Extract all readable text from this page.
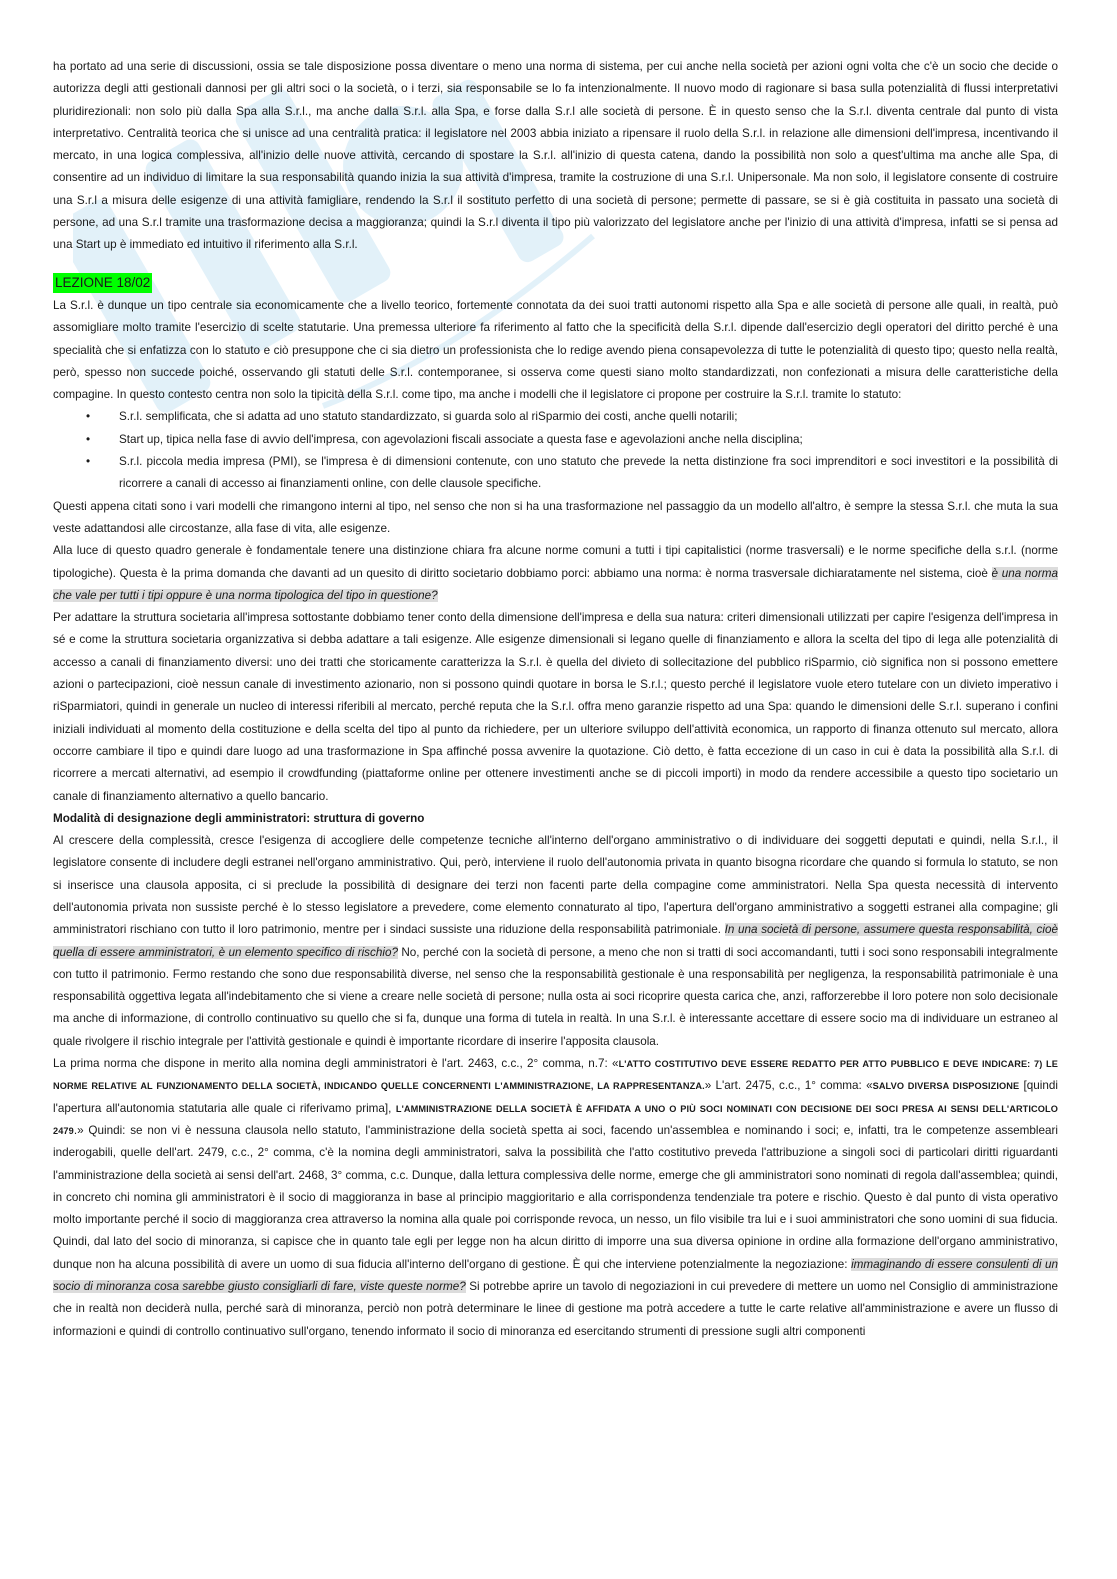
ha portato ad una serie di discussioni, ossia se tale disposizione possa diventare o meno una norma di sistema, per cui anche nella società per azioni ogni volta che c'è un socio che decide o autorizza degli atti gestionali dannosi per gli altri soci o la società, o i terzi, sia responsabile se lo fa intenzionalmente. Il nuovo modo di ragionare si basa sulla potenzialità di flussi interpretativi pluridirezionali: non solo più dalla Spa alla S.r.l., ma anche dalla S.r.l. alla Spa, e forse dalla S.r.l alle società di persone. È in questo senso che la S.r.l. diventa centrale dal punto di vista interpretativo. Centralità teorica che si unisce ad una centralità pratica: il legislatore nel 2003 abbia iniziato a ripensare il ruolo della S.r.l. in relazione alle dimensioni dell'impresa, incentivando il mercato, in una logica complessiva, all'inizio delle nuove attività, cercando di spostare la S.r.l. all'inizio di questa catena, dando la possibilità non solo a quest'ultima ma anche alle Spa, di consentire ad un individuo di limitare la sua responsabilità quando inizia la sua attività d'impresa, tramite la costruzione di una S.r.l. Unipersonale. Ma non solo, il legislatore consente di costruire una S.r.l a misura delle esigenze di una attività famigliare, rendendo la S.r.l il sostituto perfetto di una società di persone; permette di passare, se si è già costituita in passato una società di persone, ad una S.r.l tramite una trasformazione decisa a maggioranza; quindi la S.r.l diventa il tipo più valorizzato del legislatore anche per l'inizio di una attività d'impresa, infatti se si pensa ad una Start up è immediato ed intuitivo il riferimento alla S.r.l.

LEZIONE 18/02

La S.r.l. è dunque un tipo centrale sia economicamente che a livello teorico, fortemente connotata da dei suoi tratti autonomi rispetto alla Spa e alle società di persone alle quali, in realtà, può assomigliare molto tramite l'esercizio di scelte statutarie. Una premessa ulteriore fa riferimento al fatto che la specificità della S.r.l. dipende dall'esercizio degli operatori del diritto perché è una specialità che si enfatizza con lo statuto e ciò presuppone che ci sia dietro un professionista che lo redige avendo piena consapevolezza di tutte le potenzialità di questo tipo; questo nella realtà, però, spesso non succede poiché, osservando gli statuti delle S.r.l. contemporanee, si osserva come questi siano molto standardizzati, non confezionati a misura delle caratteristiche della compagine. In questo contesto centra non solo la tipicità della S.r.l. come tipo, ma anche i modelli che il legislatore ci propone per costruire la S.r.l. tramite lo statuto:

• S.r.l. semplificata, che si adatta ad uno statuto standardizzato, si guarda solo al riSparmio dei costi, anche quelli notarili;
• Start up, tipica nella fase di avvio dell'impresa, con agevolazioni fiscali associate a questa fase e agevolazioni anche nella disciplina;
• S.r.l. piccola media impresa (PMI), se l'impresa è di dimensioni contenute, con uno statuto che prevede la netta distinzione fra soci imprenditori e soci investitori e la possibilità di ricorrere a canali di accesso ai finanziamenti online, con delle clausole specifiche.

Questi appena citati sono i vari modelli che rimangono interni al tipo, nel senso che non si ha una trasformazione nel passaggio da un modello all'altro, è sempre la stessa S.r.l. che muta la sua veste adattandosi alle circostanze, alla fase di vita, alle esigenze.

Alla luce di questo quadro generale è fondamentale tenere una distinzione chiara fra alcune norme comuni a tutti i tipi capitalistici (norme trasversali) e le norme specifiche della s.r.l. (norme tipologiche). Questa è la prima domanda che davanti ad un quesito di diritto societario dobbiamo porci: abbiamo una norma: è norma trasversale dichiaratamente nel sistema, cioè è una norma che vale per tutti i tipi oppure è una norma tipologica del tipo in questione?

Per adattare la struttura societaria all'impresa sottostante dobbiamo tener conto della dimensione dell'impresa e della sua natura: criteri dimensionali utilizzati per capire l'esigenza dell'impresa in sé e come la struttura societaria organizzativa si debba adattare a tali esigenze. Alle esigenze dimensionali si legano quelle di finanziamento e allora la scelta del tipo di lega alle potenzialità di accesso a canali di finanziamento diversi: uno dei tratti che storicamente caratterizza la S.r.l. è quella del divieto di sollecitazione del pubblico riSparmio, ciò significa non si possono emettere azioni o partecipazioni, cioè nessun canale di investimento azionario, non si possono quindi quotare in borsa le S.r.l.; questo perché il legislatore vuole etero tutelare con un divieto imperativo i riSparmiatori, quindi in generale un nucleo di interessi riferibili al mercato, perché reputa che la S.r.l. offra meno garanzie rispetto ad una Spa: quando le dimensioni delle S.r.l. superano i confini iniziali individuati al momento della costituzione e della scelta del tipo al punto da richiedere, per un ulteriore sviluppo dell'attività economica, un rapporto di finanza ottenuto sul mercato, allora occorre cambiare il tipo e quindi dare luogo ad una trasformazione in Spa affinché possa avvenire la quotazione. Ciò detto, è fatta eccezione di un caso in cui è data la possibilità alla S.r.l. di ricorrere a mercati alternativi, ad esempio il crowdfunding (piattaforme online per ottenere investimenti anche se di piccoli importi) in modo da rendere accessibile a questo tipo societario un canale di finanziamento alternativo a quello bancario.

Modalità di designazione degli amministratori: struttura di governo

Al crescere della complessità, cresce l'esigenza di accogliere delle competenze tecniche all'interno dell'organo amministrativo o di individuare dei soggetti deputati e quindi, nella S.r.l., il legislatore consente di includere degli estranei nell'organo amministrativo. Qui, però, interviene il ruolo dell'autonomia privata in quanto bisogna ricordare che quando si formula lo statuto, se non si inserisce una clausola apposita, ci si preclude la possibilità di designare dei terzi non facenti parte della compagine come amministratori. Nella Spa questa necessità di intervento dell'autonomia privata non sussiste perché è lo stesso legislatore a prevedere, come elemento connaturato al tipo, l'apertura dell'organo amministrativo a soggetti estranei alla compagine; gli amministratori rischiano con tutto il loro patrimonio, mentre per i sindaci sussiste una riduzione della responsabilità patrimoniale. In una società di persone, assumere questa responsabilità, cioè quella di essere amministratori, è un elemento specifico di rischio? No, perché con la società di persone, a meno che non si tratti di soci accomandanti, tutti i soci sono responsabili integralmente con tutto il patrimonio. Fermo restando che sono due responsabilità diverse, nel senso che la responsabilità gestionale è una responsabilità per negligenza, la responsabilità patrimoniale è una responsabilità oggettiva legata all'indebitamento che si viene a creare nelle società di persone; nulla osta ai soci ricoprire questa carica che, anzi, rafforzerebbe il loro potere non solo decisionale ma anche di informazione, di controllo continuativo su quello che si fa, dunque una forma di tutela in realtà. In una S.r.l. è interessante accettare di essere socio ma di individuare un estraneo al quale rivolgere il rischio integrale per l'attività gestionale e quindi è importante ricordare di inserire l'apposita clausola.

La prima norma che dispone in merito alla nomina degli amministratori è l'art. 2463, c.c., 2° comma, n.7: «L'ATTO COSTITUTIVO DEVE ESSERE REDATTO PER ATTO PUBBLICO E DEVE INDICARE: 7) LE NORME RELATIVE AL FUNZIONAMENTO DELLA SOCIETÀ, INDICANDO QUELLE CONCERNENTI L'AMMINISTRAZIONE, LA RAPPRESENTANZA.» L'art. 2475, c.c., 1° comma: «SALVO DIVERSA DISPOSIZIONE [quindi l'apertura all'autonomia statutaria alle quale ci riferivamo prima], L'AMMINISTRAZIONE DELLA SOCIETÀ È AFFIDATA A UNO O PIÙ SOCI NOMINATI CON DECISIONE DEI SOCI PRESA AI SENSI DELL'ARTICOLO 2479.» Quindi: se non vi è nessuna clausola nello statuto, l'amministrazione della società spetta ai soci, facendo un'assemblea e nominando i soci; e, infatti, tra le competenze assembleari inderogabili, quelle dell'art. 2479, c.c., 2° comma, c'è la nomina degli amministratori, salva la possibilità che l'atto costitutivo preveda l'attribuzione a singoli soci di particolari diritti riguardanti l'amministrazione della società ai sensi dell'art. 2468, 3° comma, c.c. Dunque, dalla lettura complessiva delle norme, emerge che gli amministratori sono nominati di regola dall'assemblea; quindi, in concreto chi nomina gli amministratori è il socio di maggioranza in base al principio maggioritario e alla corrispondenza tendenziale tra potere e rischio. Questo è dal punto di vista operativo molto importante perché il socio di maggioranza crea attraverso la nomina alla quale poi corrisponde revoca, un nesso, un filo visibile tra lui e i suoi amministratori che sono uomini di sua fiducia. Quindi, dal lato del socio di minoranza, si capisce che in quanto tale egli per legge non ha alcun diritto di imporre una sua diversa opinione in ordine alla formazione dell'organo amministrativo, dunque non ha alcuna possibilità di avere un uomo di sua fiducia all'interno dell'organo di gestione. È qui che interviene potenzialmente la negoziazione: immaginando di essere consulenti di un socio di minoranza cosa sarebbe giusto consigliarli di fare, viste queste norme? Si potrebbe aprire un tavolo di negoziazioni in cui prevedere di mettere un uomo nel Consiglio di amministrazione che in realtà non deciderà nulla, perché sarà di minoranza, perciò non potrà determinare le linee di gestione ma potrà accedere a tutte le carte relative all'amministrazione e avere un flusso di informazioni e quindi di controllo continuativo sull'organo, tenendo informato il socio di minoranza ed esercitando strumenti di pressione sugli altri componenti
